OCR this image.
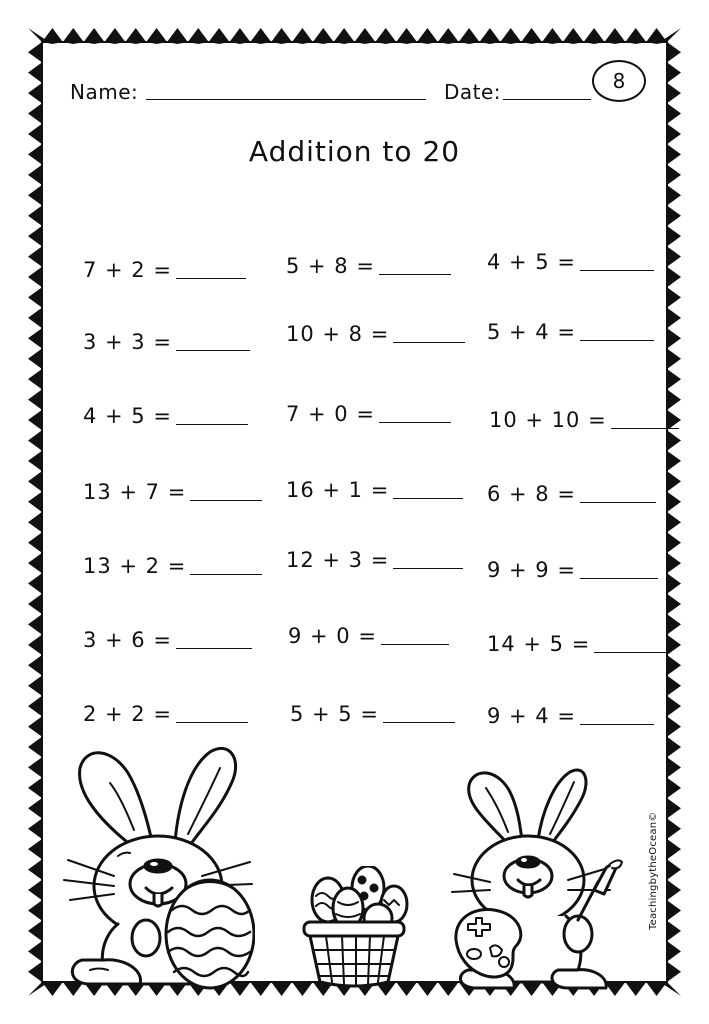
Name:	Date:	8
Addition to 20
7 + 2 =	5 + 8 =	4 + 5 =
3 + 3 =	10 + 8 =	5 + 4 =
4 + 5 =	7 + 0 =	10 + 10 =
13 + 7 =	16 + 1 =	6 + 8 =
13 + 2 =	12 + 3 =	9 + 9 =
3 + 6 =	9 + 0 =	14 + 5 =
2 + 2 =	5 + 5 =	9 + 4 =
TeachingbytheOcean©
